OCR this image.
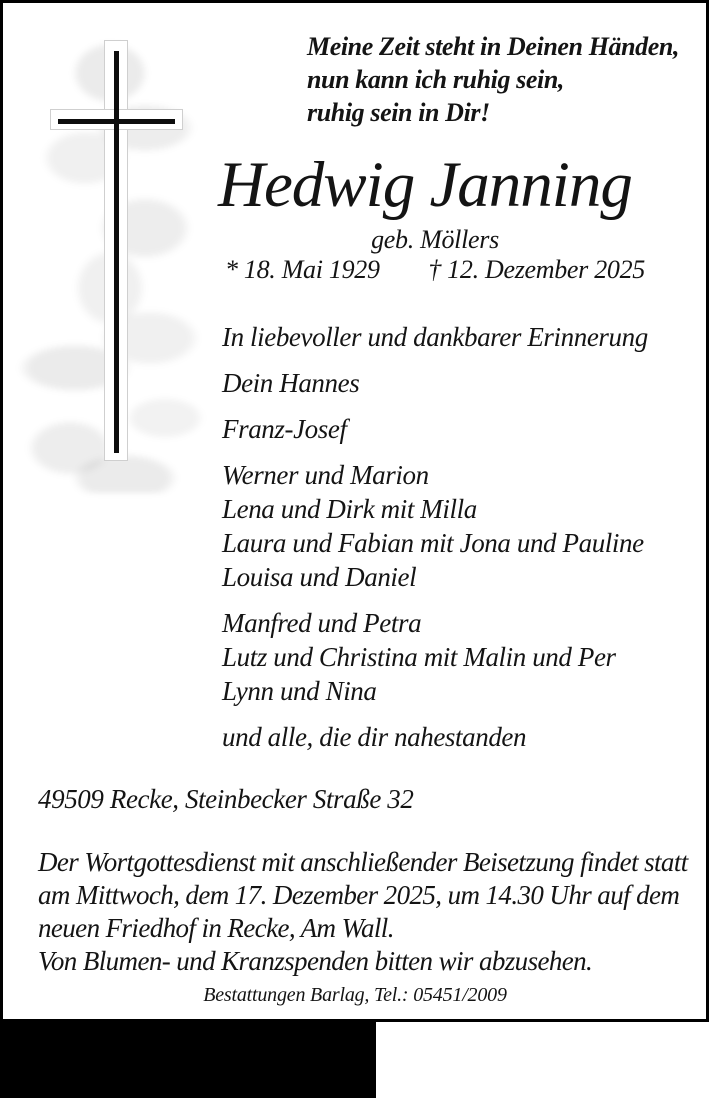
Meine Zeit steht in Deinen Händen,
nun kann ich ruhig sein,
ruhig sein in Dir!
Hedwig Janning
geb. Möllers
* 18. Mai 1929 † 12. Dezember 2025
In liebevoller und dankbarer Erinnerung
Dein Hannes
Franz-Josef
Werner und Marion
Lena und Dirk mit Milla
Laura und Fabian mit Jona und Pauline
Louisa und Daniel
Manfred und Petra
Lutz und Christina mit Malin und Per
Lynn und Nina
und alle, die dir nahestanden
49509 Recke, Steinbecker Straße 32
Der Wortgottesdienst mit anschließender Beisetzung findet statt
am Mittwoch, dem 17. Dezember 2025, um 14.30 Uhr auf dem
neuen Friedhof in Recke, Am Wall.
Von Blumen- und Kranzspenden bitten wir abzusehen.
Bestattungen Barlag, Tel.: 05451/2009
